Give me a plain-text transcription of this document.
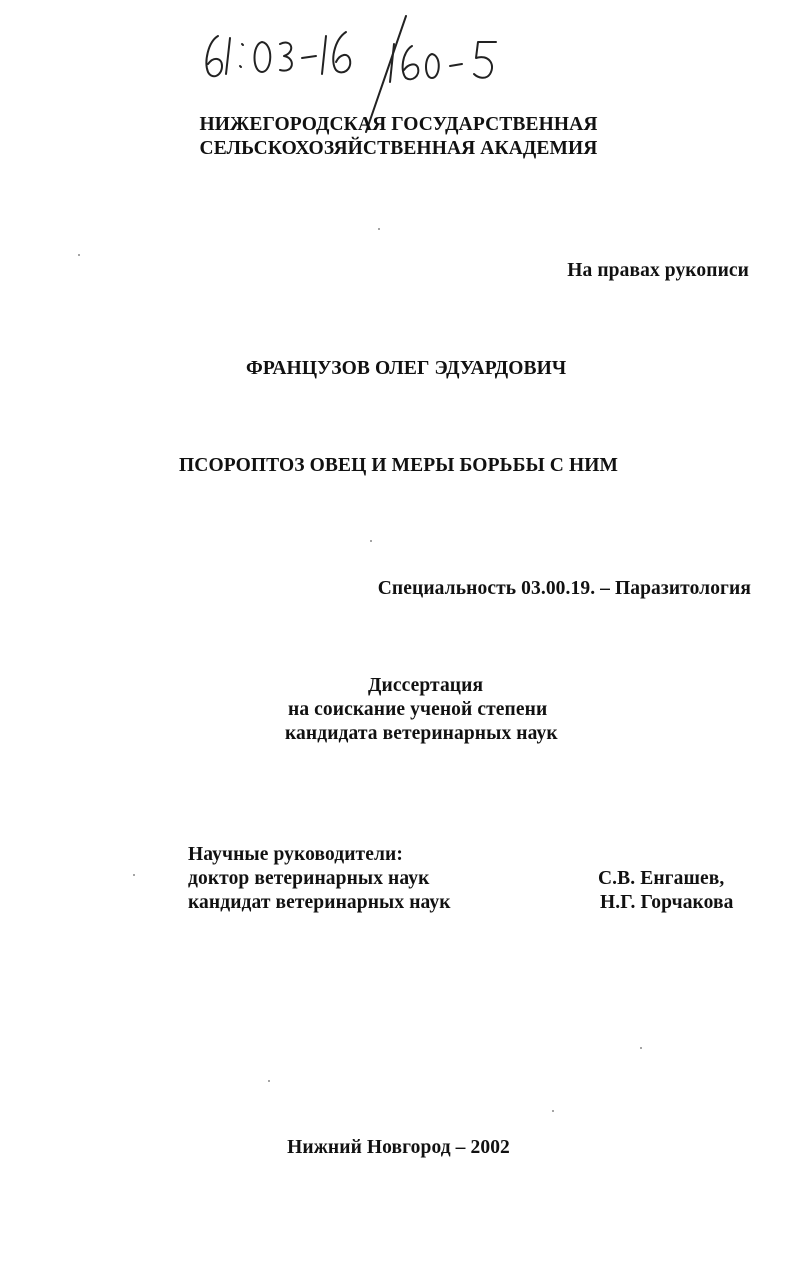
НИЖЕГОРОДСКАЯ ГОСУДАРСТВЕННАЯ
СЕЛЬСКОХОЗЯЙСТВЕННАЯ АКАДЕМИЯ
На правах рукописи
ФРАНЦУЗОВ ОЛЕГ ЭДУАРДОВИЧ
ПСОРОПТОЗ ОВЕЦ И МЕРЫ БОРЬБЫ С НИМ
Специальность 03.00.19. – Паразитология
Диссертация
на соискание ученой степени
кандидата ветеринарных наук
Научные руководители:
доктор ветеринарных наук	С.В. Енгашев,
кандидат ветеринарных наук	Н.Г. Горчакова
Нижний Новгород – 2002
